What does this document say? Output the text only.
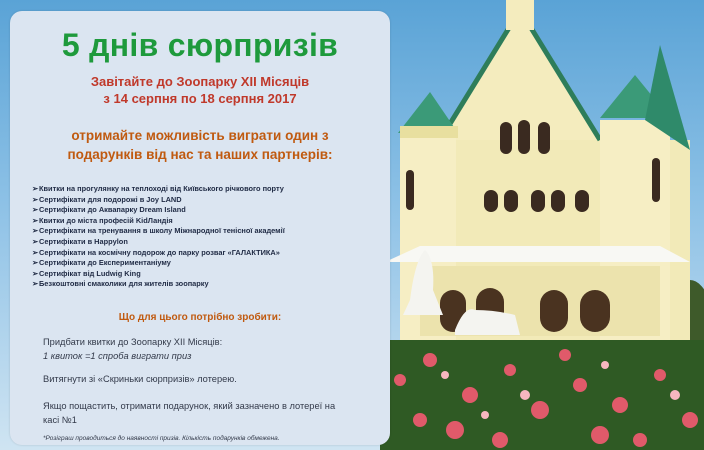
5 днів сюрпризів
Завітайте до Зоопарку XII Місяців
з 14 серпня по 18 серпня 2017
отримайте можливість виграти один з
подарунків від нас та наших партнерів:
➢Квитки на прогулянку на теплоході від Київського річкового порту
➢Сертифікати для подорожі в Joy LAND
➢Сертифікати до Аквапарку Dream Island
➢Квитки до міста професій KidЛандія
➢Сертифікати на тренування в школу Міжнародної тенісної академії
➢Сертифікати в Happylon
➢Сертифікати на космічну подорож до парку розваг «ГАЛАКТИКА»
➢Сертифікати до Експериментаніуму
➢Сертифікат від Ludwig King
➢Безкоштовні смаколики для жителів зоопарку
Що для цього потрібно зробити:
Придбати квитки до Зоопарку XII Місяців:
1 квиток =1 спроба виграти приз
Витягнути зі «Скриньки сюрпризів» лотерею.
Якщо пощастить, отримати подарунок, який зазначено в лотереї на
касі №1
*Розіграш проводиться до наявності призів. Кількість подарунків обмежена.
